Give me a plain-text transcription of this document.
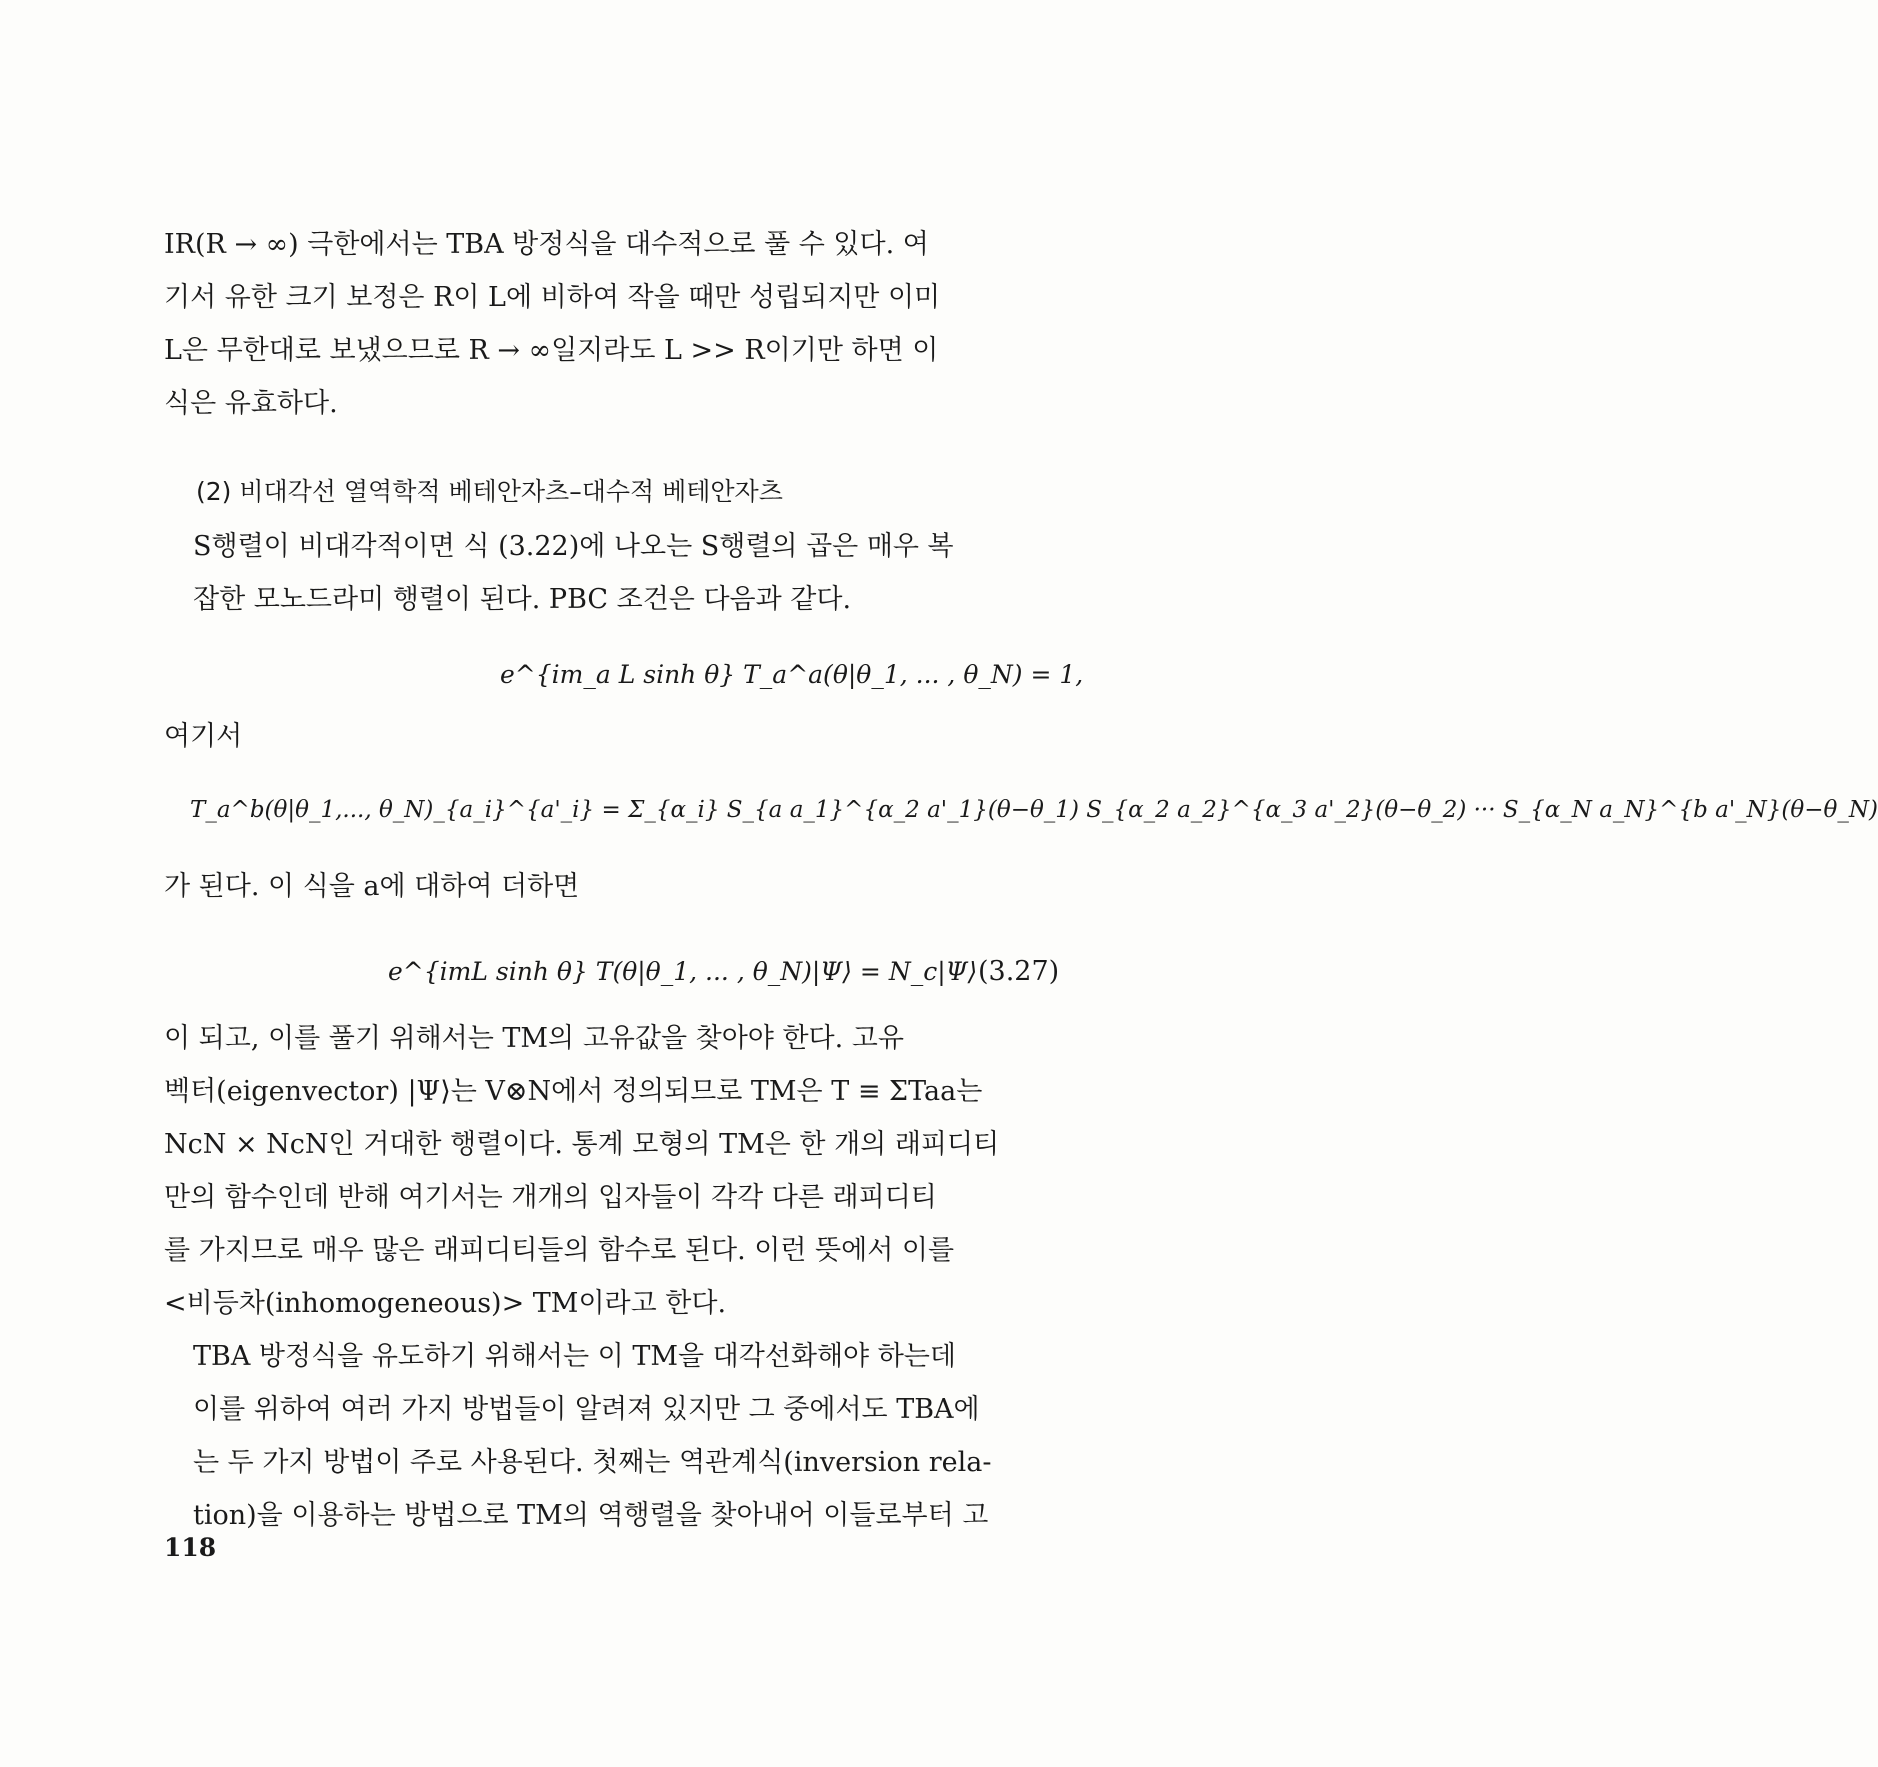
IR(R → ∞) 극한에서는 TBA 방정식을 대수적으로 풀 수 있다. 여
기서 유한 크기 보정은 R이 L에 비하여 작을 때만 성립되지만 이미
L은 무한대로 보냈으므로 R → ∞일지라도 L >> R이기만 하면 이
식은 유효하다.

(2) 비대각선 열역학적 베테안자츠–대수적 베테안자츠

S행렬이 비대각적이면 식 (3.22)에 나오는 S행렬의 곱은 매우 복
잡한 모노드라미 행렬이 된다. PBC 조건은 다음과 같다.

e^{im_a L sinh θ} T_a^a(θ|θ_1, ... , θ_N) = 1,
여기서
T_a^b(θ|θ_1,..., θ_N)_{a_i}^{a'_i} = Σ_{α_i} S_{a a_1}^{α_2 a'_1}(θ−θ_1) S_{α_2 a_2}^{α_3 a'_2}(θ−θ_2) ··· S_{α_N a_N}^{b a'_N}(θ−θ_N)

가 된다. 이 식을 a에 대하여 더하면

e^{imL sinh θ} T(θ|θ_1, ... , θ_N)|Ψ⟩ = N_c|Ψ⟩ (3.27)

이 되고, 이를 풀기 위해서는 TM의 고유값을 찾아야 한다. 고유
벡터(eigenvector) |Ψ⟩는 V⊗N에서 정의되므로 TM은 T ≡ ΣTaa는
NcN × NcN인 거대한 행렬이다. 통계 모형의 TM은 한 개의 래피디티
만의 함수인데 반해 여기서는 개개의 입자들이 각각 다른 래피디티
를 가지므로 매우 많은 래피디티들의 함수로 된다. 이런 뜻에서 이를
<비등차(inhomogeneous)> TM이라고 한다.

TBA 방정식을 유도하기 위해서는 이 TM을 대각선화해야 하는데
이를 위하여 여러 가지 방법들이 알려져 있지만 그 중에서도 TBA에
는 두 가지 방법이 주로 사용된다. 첫째는 역관계식(inversion rela-
tion)을 이용하는 방법으로 TM의 역행렬을 찾아내어 이들로부터 고

118
